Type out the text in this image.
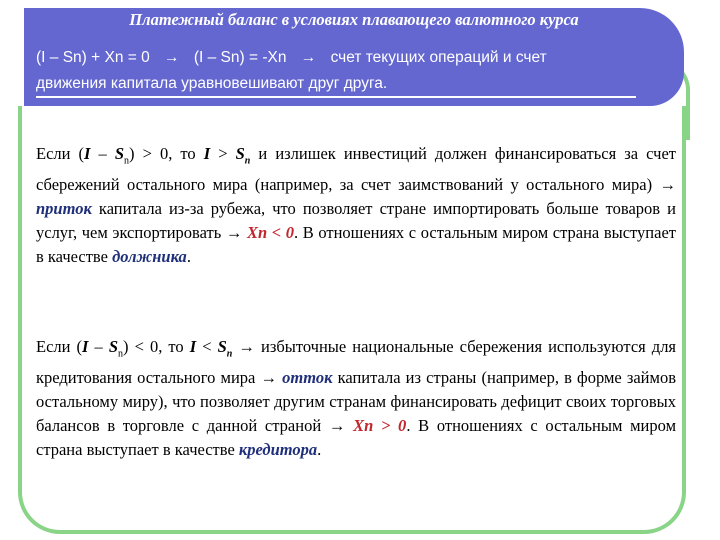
Платежный баланс в условиях плавающего валютного курса
(I – Sn) + Xn = 0 → (I – Sn) = -Xn → счет текущих операций и счет
движения капитала уравновешивают друг друга.
Если $(I - S_n) > 0$, то $I > S_n$ и излишек инвестиций должен финансироваться за счет сбережений остального мира (например, за счет заимствований у остального мира) → приток капитала из-за рубежа, что позволяет стране импортировать больше товаров и услуг, чем экспортировать → Xn < 0. В отношениях с остальным миром страна выступает в качестве должника.
Если $(I - S_n) < 0$, то $I < S_n$ → избыточные национальные сбережения используются для кредитования остального мира → отток капитала из страны (например, в форме займов остальному миру), что позволяет другим странам финансировать дефицит своих торговых балансов в торговле с данной страной → Xn > 0. В отношениях с остальным миром страна выступает в качестве кредитора.
